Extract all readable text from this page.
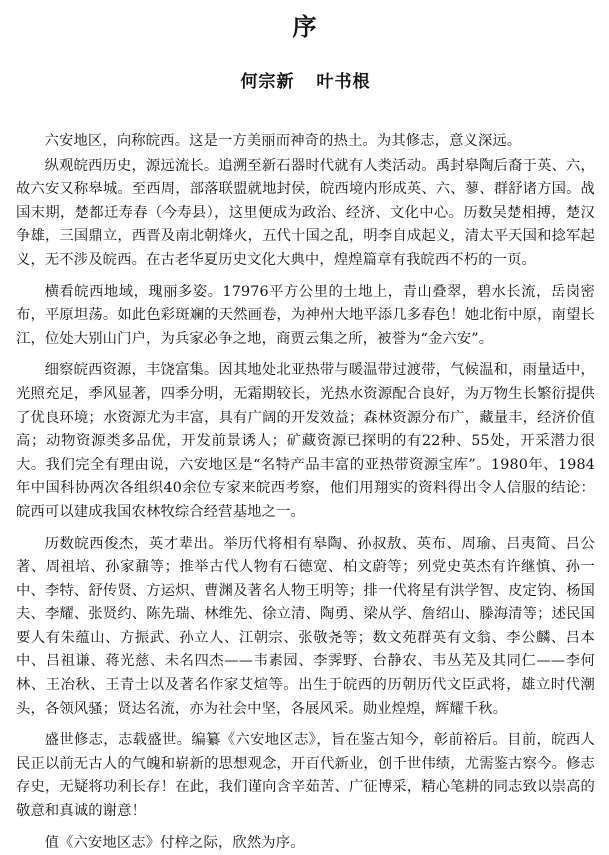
序
何宗新 叶书根

六安地区，向称皖西。这是一方美丽而神奇的热土。为其修志，意义深远。

纵观皖西历史，源远流长。追溯至新石器时代就有人类活动。禹封皋陶后裔于英、六，故六安又称皋城。至西周，部落联盟就地封侯，皖西境内形成英、六、蓼、群舒诸方国。战国末期，楚都迁寿春（今寿县），这里便成为政治、经济、文化中心。历数吴楚相搏，楚汉争雄，三国鼎立，西晋及南北朝烽火，五代十国之乱，明李自成起义，清太平天国和捻军起义，无不涉及皖西。在古老华夏历史文化大典中，煌煌篇章有我皖西不朽的一页。

横看皖西地域，瑰丽多姿。17976平方公里的土地上，青山叠翠，碧水长流，岳岗密布，平原坦荡。如此色彩斑斓的天然画卷，为神州大地平添几多春色！她北衔中原，南望长江，位处大别山门户，为兵家必争之地，商贾云集之所，被誉为“金六安”。

细察皖西资源，丰饶富集。因其地处北亚热带与暖温带过渡带，气候温和，雨量适中，光照充足，季风显著，四季分明，无霜期较长，光热水资源配合良好，为万物生长繁衍提供了优良环境；水资源尤为丰富，具有广阔的开发效益；森林资源分布广，藏量丰，经济价值高；动物资源类多品优，开发前景诱人；矿藏资源已探明的有22种、55处，开采潜力很大。我们完全有理由说，六安地区是“名特产品丰富的亚热带资源宝库”。1980年、1984年中国科协两次各组织40余位专家来皖西考察，他们用翔实的资料得出令人信服的结论：皖西可以建成我国农林牧综合经营基地之一。

历数皖西俊杰，英才辈出。举历代将相有皋陶、孙叔敖、英布、周瑜、吕夷简、吕公著、周祖培、孙家鼐等；推举古代人物有石德宽、柏文蔚等；列党史英杰有许继慎、孙一中、李特、舒传贤、方运炽、曹渊及著名人物王明等；排一代将星有洪学智、皮定钧、杨国夫、李耀、张贤约、陈先瑞、林维先、徐立清、陶勇、梁从学、詹绍山、滕海清等；述民国要人有朱蕴山、方振武、孙立人、江朝宗、张敬尧等；数文苑群英有文翁、李公麟、吕本中、吕祖谦、蒋光慈、未名四杰——韦素园、李霁野、台静农、韦丛芜及其同仁——李何林、王冶秋、王青士以及著名作家艾煊等。出生于皖西的历朝历代文臣武将，雄立时代潮头，各领风骚；贤达名流，亦为社会中坚，各展风采。勋业煌煌，辉耀千秋。

盛世修志，志载盛世。编纂《六安地区志》，旨在鉴古知今，彰前裕后。目前，皖西人民正以前无古人的气魄和崭新的思想观念，开百代新业，创千世伟绩，尤需鉴古察今。修志存史，无疑将功利长存！在此，我们谨向含辛茹苦、广征博采，精心笔耕的同志致以崇高的敬意和真诚的谢意！

值《六安地区志》付梓之际，欣然为序。
